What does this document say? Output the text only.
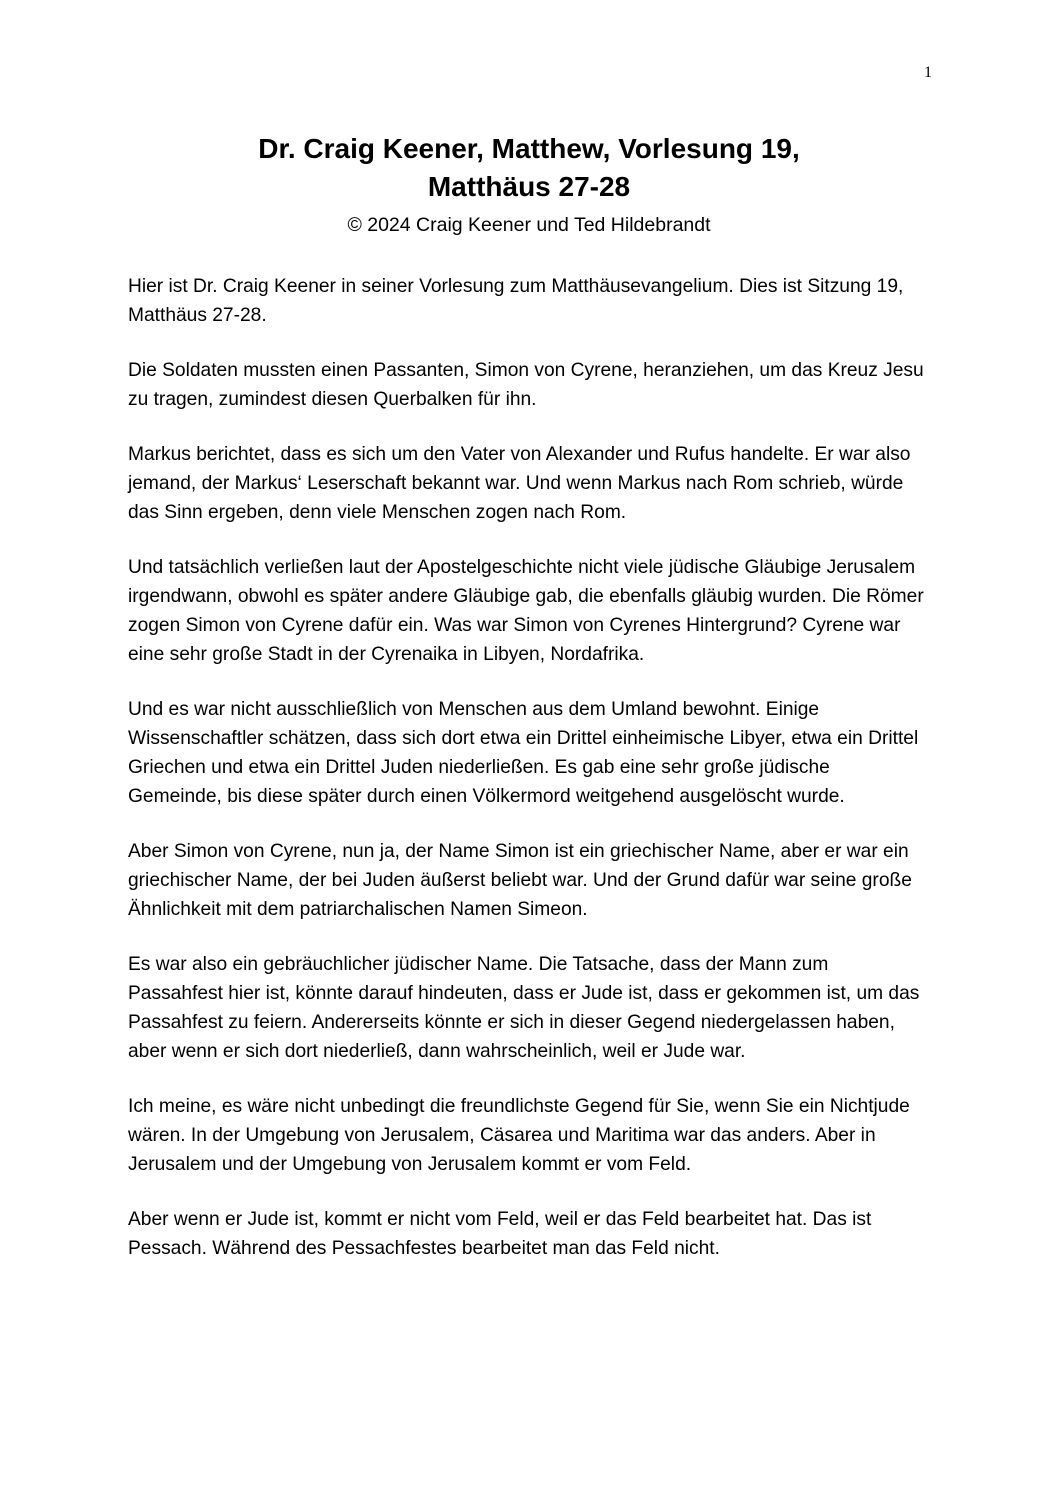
1
Dr. Craig Keener, Matthew, Vorlesung 19,
Matthäus 27-28
© 2024 Craig Keener und Ted Hildebrandt

Hier ist Dr. Craig Keener in seiner Vorlesung zum Matthäusevangelium. Dies ist Sitzung 19, Matthäus 27-28.

Die Soldaten mussten einen Passanten, Simon von Cyrene, heranziehen, um das Kreuz Jesu zu tragen, zumindest diesen Querbalken für ihn.

Markus berichtet, dass es sich um den Vater von Alexander und Rufus handelte. Er war also jemand, der Markus‘ Leserschaft bekannt war. Und wenn Markus nach Rom schrieb, würde das Sinn ergeben, denn viele Menschen zogen nach Rom.

Und tatsächlich verließen laut der Apostelgeschichte nicht viele jüdische Gläubige Jerusalem irgendwann, obwohl es später andere Gläubige gab, die ebenfalls gläubig wurden. Die Römer zogen Simon von Cyrene dafür ein. Was war Simon von Cyrenes Hintergrund? Cyrene war eine sehr große Stadt in der Cyrenaika in Libyen, Nordafrika.

Und es war nicht ausschließlich von Menschen aus dem Umland bewohnt. Einige Wissenschaftler schätzen, dass sich dort etwa ein Drittel einheimische Libyer, etwa ein Drittel Griechen und etwa ein Drittel Juden niederließen. Es gab eine sehr große jüdische Gemeinde, bis diese später durch einen Völkermord weitgehend ausgelöscht wurde.

Aber Simon von Cyrene, nun ja, der Name Simon ist ein griechischer Name, aber er war ein griechischer Name, der bei Juden äußerst beliebt war. Und der Grund dafür war seine große Ähnlichkeit mit dem patriarchalischen Namen Simeon.

Es war also ein gebräuchlicher jüdischer Name. Die Tatsache, dass der Mann zum Passahfest hier ist, könnte darauf hindeuten, dass er Jude ist, dass er gekommen ist, um das Passahfest zu feiern. Andererseits könnte er sich in dieser Gegend niedergelassen haben, aber wenn er sich dort niederließ, dann wahrscheinlich, weil er Jude war.

Ich meine, es wäre nicht unbedingt die freundlichste Gegend für Sie, wenn Sie ein Nichtjude wären. In der Umgebung von Jerusalem, Cäsarea und Maritima war das anders. Aber in Jerusalem und der Umgebung von Jerusalem kommt er vom Feld.

Aber wenn er Jude ist, kommt er nicht vom Feld, weil er das Feld bearbeitet hat. Das ist Pessach. Während des Pessachfestes bearbeitet man das Feld nicht.
